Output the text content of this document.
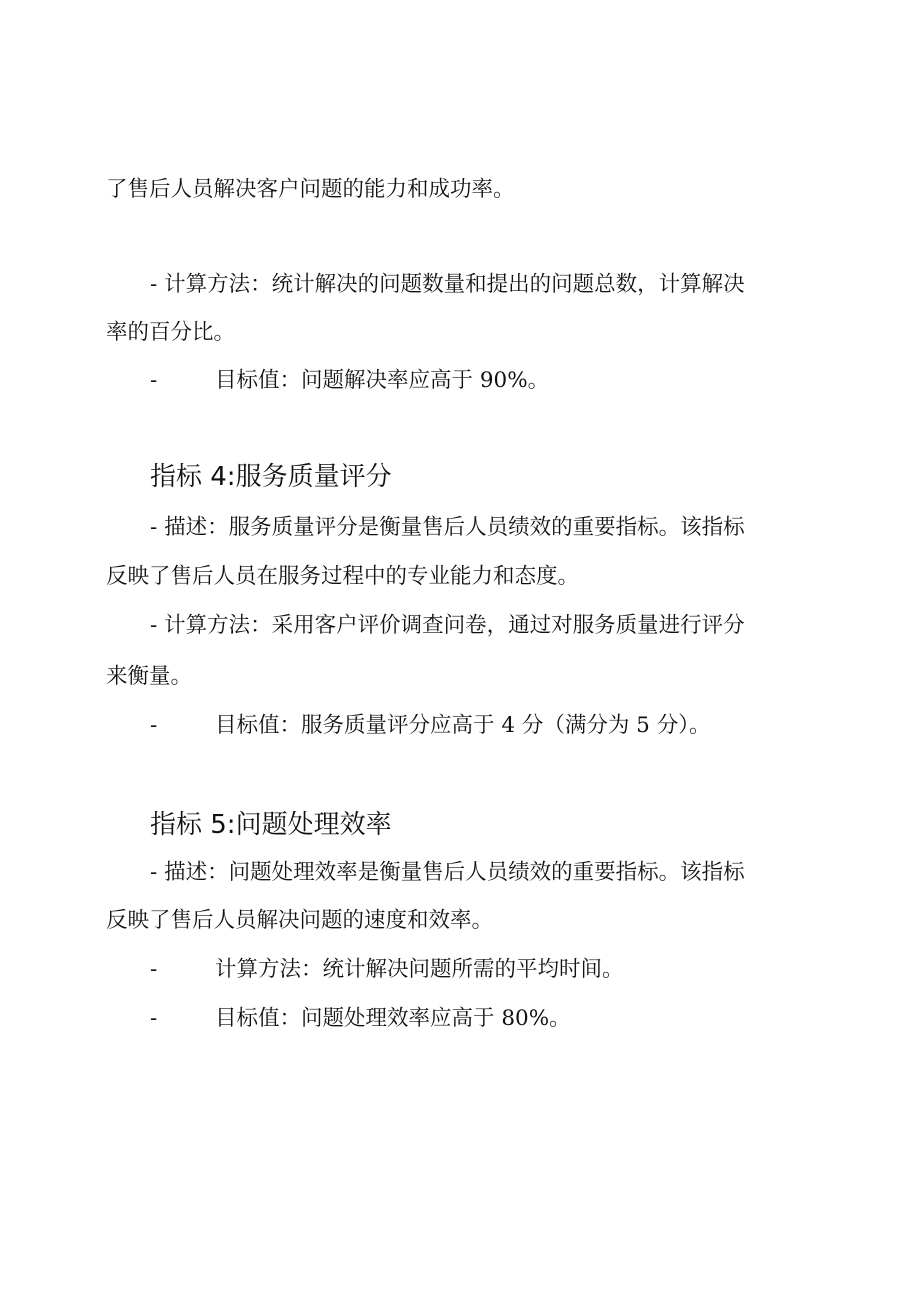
了售后人员解决客户问题的能力和成功率。
- 计算方法：统计解决的问题数量和提出的问题总数，计算解决
率的百分比。
-	目标值：问题解决率应高于 90%。
指标 4:服务质量评分
- 描述：服务质量评分是衡量售后人员绩效的重要指标。该指标
反映了售后人员在服务过程中的专业能力和态度。
- 计算方法：采用客户评价调查问卷，通过对服务质量进行评分
来衡量。
-	目标值：服务质量评分应高于 4 分（满分为 5 分）。
指标 5:问题处理效率
- 描述：问题处理效率是衡量售后人员绩效的重要指标。该指标
反映了售后人员解决问题的速度和效率。
-	计算方法：统计解决问题所需的平均时间。
-	目标值：问题处理效率应高于 80%。
